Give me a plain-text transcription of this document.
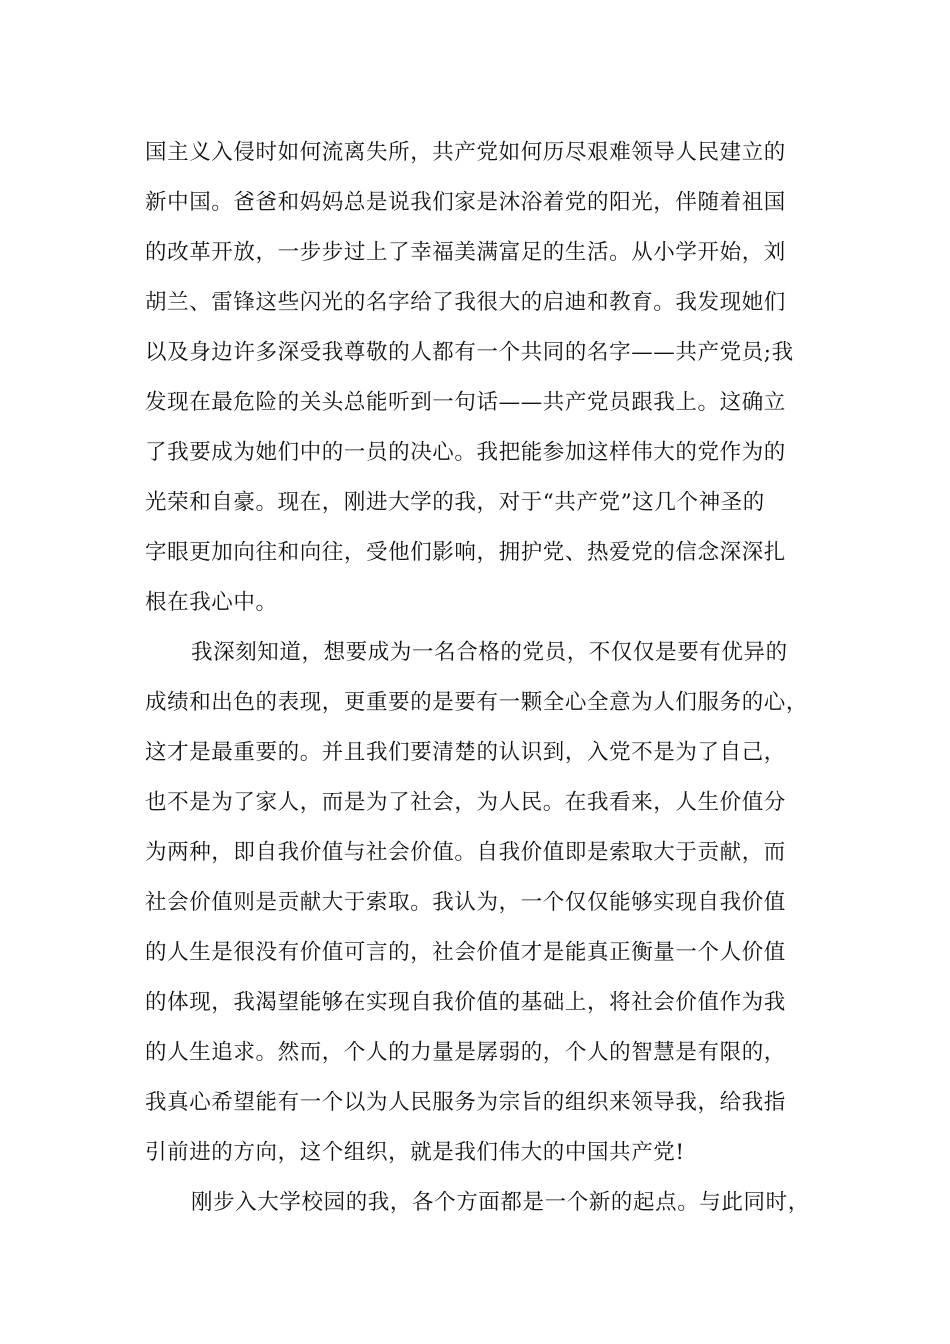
国主义入侵时如何流离失所，共产党如何历尽艰难领导人民建立的
新中国。爸爸和妈妈总是说我们家是沐浴着党的阳光，伴随着祖国
的改革开放，一步步过上了幸福美满富足的生活。从小学开始，刘
胡兰、雷锋这些闪光的名字给了我很大的启迪和教育。我发现她们
以及身边许多深受我尊敬的人都有一个共同的名字——共产党员;我
发现在最危险的关头总能听到一句话——共产党员跟我上。这确立
了我要成为她们中的一员的决心。我把能参加这样伟大的党作为的
光荣和自豪。现在，刚进大学的我，对于“共产党”这几个神圣的
字眼更加向往和向往，受他们影响，拥护党、热爱党的信念深深扎
根在我心中。
我深刻知道，想要成为一名合格的党员，不仅仅是要有优异的
成绩和出色的表现，更重要的是要有一颗全心全意为人们服务的心，
这才是最重要的。并且我们要清楚的认识到，入党不是为了自己，
也不是为了家人，而是为了社会，为人民。在我看来，人生价值分
为两种，即自我价值与社会价值。自我价值即是索取大于贡献，而
社会价值则是贡献大于索取。我认为，一个仅仅能够实现自我价值
的人生是很没有价值可言的，社会价值才是能真正衡量一个人价值
的体现，我渴望能够在实现自我价值的基础上，将社会价值作为我
的人生追求。然而，个人的力量是孱弱的，个人的智慧是有限的，
我真心希望能有一个以为人民服务为宗旨的组织来领导我，给我指
引前进的方向，这个组织，就是我们伟大的中国共产党!
刚步入大学校园的我，各个方面都是一个新的起点。与此同时，
